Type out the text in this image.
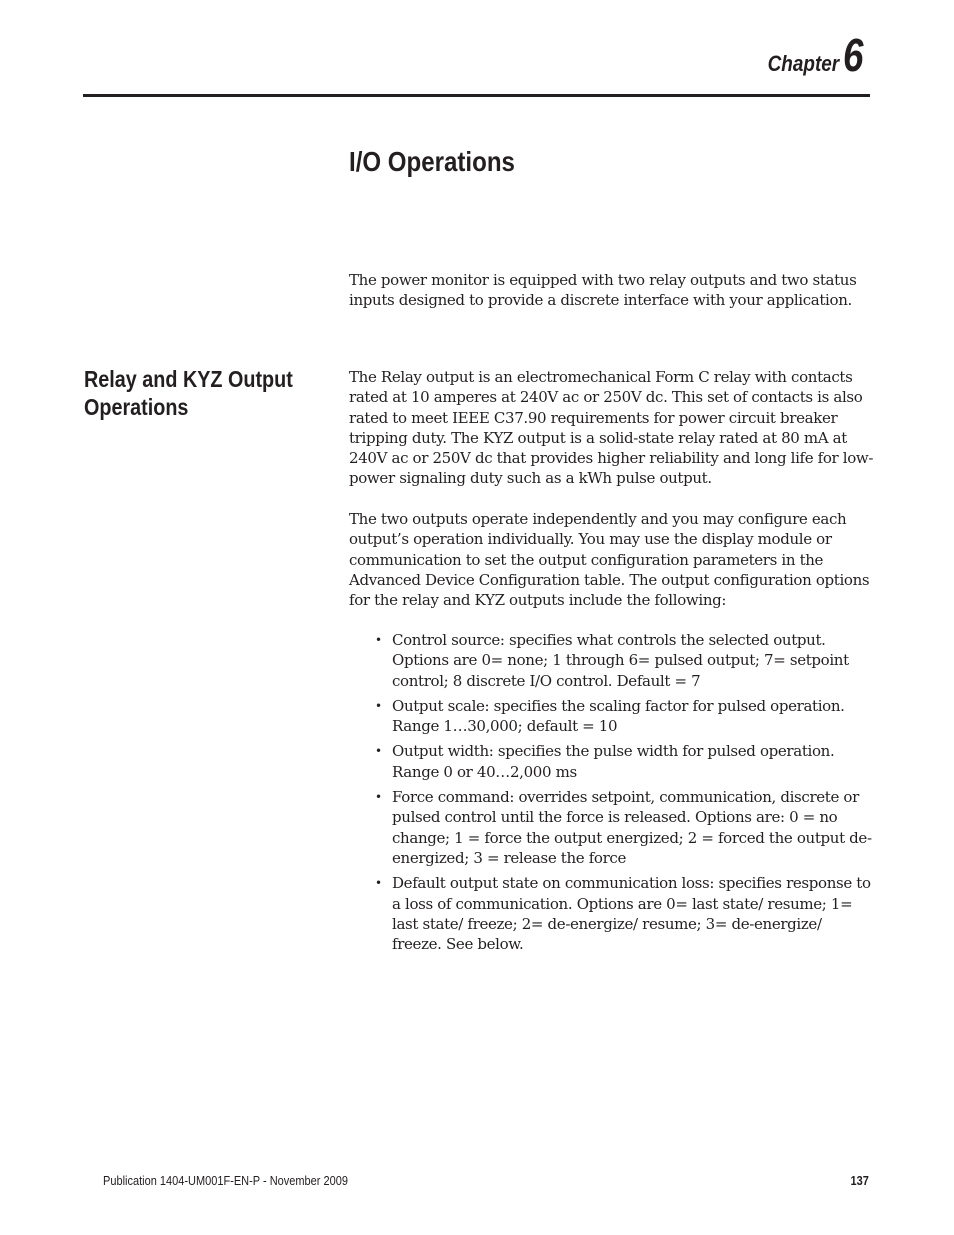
Chapter 6
I/O Operations

The power monitor is equipped with two relay outputs and two status inputs designed to provide a discrete interface with your application.

Relay and KYZ Output Operations

The Relay output is an electromechanical Form C relay with contacts rated at 10 amperes at 240V ac or 250V dc. This set of contacts is also rated to meet IEEE C37.90 requirements for power circuit breaker tripping duty. The KYZ output is a solid-state relay rated at 80 mA at 240V ac or 250V dc that provides higher reliability and long life for low-power signaling duty such as a kWh pulse output.

The two outputs operate independently and you may configure each output’s operation individually. You may use the display module or communication to set the output configuration parameters in the Advanced Device Configuration table. The output configuration options for the relay and KYZ outputs include the following:

• Control source: specifies what controls the selected output. Options are 0= none; 1 through 6= pulsed output; 7= setpoint control; 8 discrete I/O control. Default = 7
• Output scale: specifies the scaling factor for pulsed operation. Range 1…30,000; default = 10
• Output width: specifies the pulse width for pulsed operation. Range 0 or 40…2,000 ms
• Force command: overrides setpoint, communication, discrete or pulsed control until the force is released. Options are: 0 = no change; 1 = force the output energized; 2 = forced the output de-energized; 3 = release the force
• Default output state on communication loss: specifies response to a loss of communication. Options are 0= last state/ resume; 1= last state/ freeze; 2= de-energize/ resume; 3= de-energize/ freeze. See below.
Publication 1404-UM001F-EN-P - November 2009	137
